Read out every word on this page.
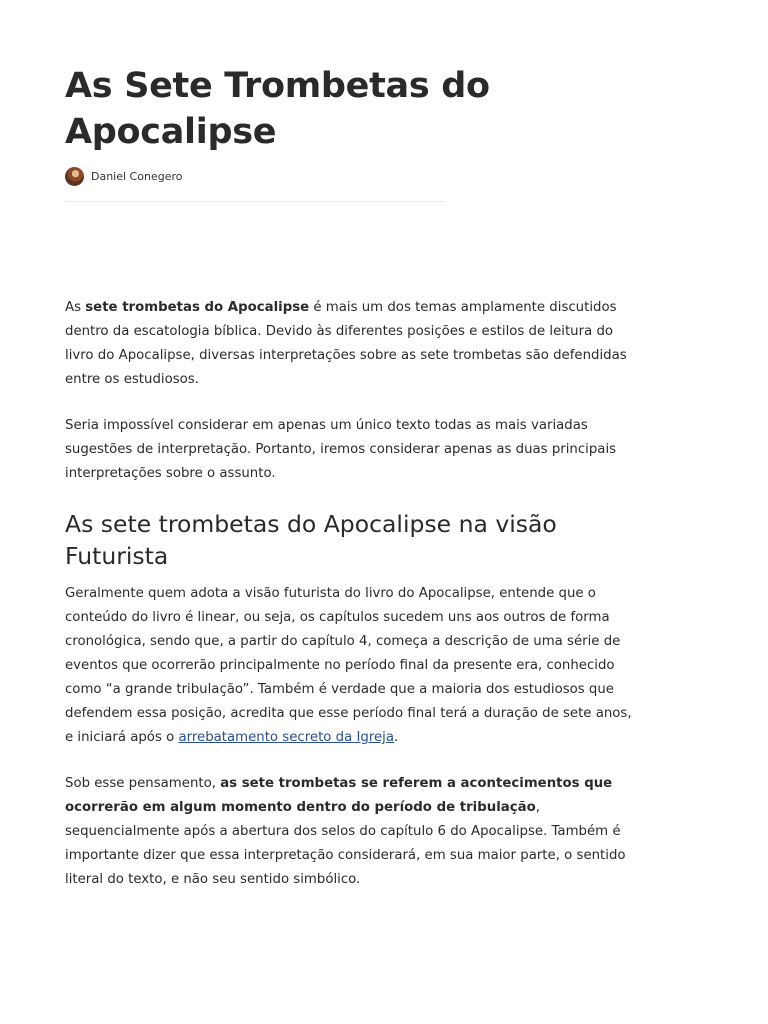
As Sete Trombetas do Apocalipse
Daniel Conegero

As sete trombetas do Apocalipse é mais um dos temas amplamente discutidos dentro da escatologia bíblica. Devido às diferentes posições e estilos de leitura do livro do Apocalipse, diversas interpretações sobre as sete trombetas são defendidas entre os estudiosos.

Seria impossível considerar em apenas um único texto todas as mais variadas sugestões de interpretação. Portanto, iremos considerar apenas as duas principais interpretações sobre o assunto.

As sete trombetas do Apocalipse na visão Futurista

Geralmente quem adota a visão futurista do livro do Apocalipse, entende que o conteúdo do livro é linear, ou seja, os capítulos sucedem uns aos outros de forma cronológica, sendo que, a partir do capítulo 4, começa a descrição de uma série de eventos que ocorrerão principalmente no período final da presente era, conhecido como “a grande tribulação”. Também é verdade que a maioria dos estudiosos que defendem essa posição, acredita que esse período final terá a duração de sete anos, e iniciará após o arrebatamento secreto da Igreja.

Sob esse pensamento, as sete trombetas se referem a acontecimentos que ocorrerão em algum momento dentro do período de tribulação, sequencialmente após a abertura dos selos do capítulo 6 do Apocalipse. Também é importante dizer que essa interpretação considerará, em sua maior parte, o sentido literal do texto, e não seu sentido simbólico.
